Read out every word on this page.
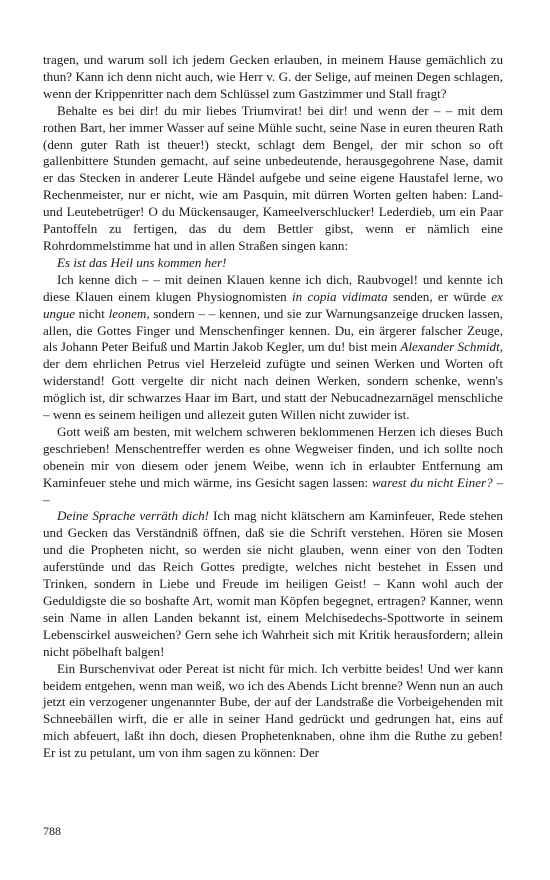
tragen, und warum soll ich jedem Gecken erlauben, in meinem Hause gemächlich zu thun? Kann ich denn nicht auch, wie Herr v. G. der Selige, auf meinen Degen schlagen, wenn der Krippenritter nach dem Schlüssel zum Gastzimmer und Stall fragt?

Behalte es bei dir! du mir liebes Triumvirat! bei dir! und wenn der – – mit dem rothen Bart, her immer Wasser auf seine Mühle sucht, seine Nase in euren theuren Rath (denn guter Rath ist theuer!) steckt, schlagt dem Bengel, der mir schon so oft gallenbittere Stunden gemacht, auf seine unbedeutende, herausgegohrene Nase, damit er das Stecken in anderer Leute Händel aufgebe und seine eigene Haustafel lerne, wo Rechenmeister, nur er nicht, wie am Pasquin, mit dürren Worten gelten haben: Land- und Leutebetrüger! O du Mückensauger, Kameelverschlucker! Lederdieb, um ein Paar Pantoffeln zu fertigen, das du dem Bettler gibst, wenn er nämlich eine Rohrdommelstimme hat und in allen Straßen singen kann:

Es ist das Heil uns kommen her!

Ich kenne dich – – mit deinen Klauen kenne ich dich, Raubvogel! und kennte ich diese Klauen einem klugen Physiognomisten in copia vidimata senden, er würde ex ungue nicht leonem, sondern – – kennen, und sie zur Warnungsanzeige drucken lassen, allen, die Gottes Finger und Menschenfinger kennen. Du, ein ärgerer falscher Zeuge, als Johann Peter Beifuß und Martin Jakob Kegler, um du! bist mein Alexander Schmidt, der dem ehrlichen Petrus viel Herzeleid zufügte und seinen Werken und Worten oft widerstand! Gott vergelte dir nicht nach deinen Werken, sondern schenke, wenn's möglich ist, dir schwarzes Haar im Bart, und statt der Nebucadnezarnägel menschliche – wenn es seinem heiligen und allezeit guten Willen nicht zuwider ist.

Gott weiß am besten, mit welchem schweren beklommenen Herzen ich dieses Buch geschrieben! Menschentreffer werden es ohne Wegweiser finden, und ich sollte noch obenein mir von diesem oder jenem Weibe, wenn ich in erlaubter Entfernung am Kaminfeuer stehe und mich wärme, ins Gesicht sagen lassen: warest du nicht Einer? – –

Deine Sprache verräth dich! Ich mag nicht klätschern am Kaminfeuer, Rede stehen und Gecken das Verständniß öffnen, daß sie die Schrift verstehen. Hören sie Mosen und die Propheten nicht, so werden sie nicht glauben, wenn einer von den Todten auferstünde und das Reich Gottes predigte, welches nicht bestehet in Essen und Trinken, sondern in Liebe und Freude im heiligen Geist! – Kann wohl auch der Geduldigste die so boshafte Art, womit man Köpfen begegnet, ertragen? Kanner, wenn sein Name in allen Landen bekannt ist, einem Melchisedechs-Spottworte in seinem Lebenscirkel ausweichen? Gern sehe ich Wahrheit sich mit Kritik herausfordern; allein nicht pöbelhaft balgen!

Ein Burschenvivat oder Pereat ist nicht für mich. Ich verbitte beides! Und wer kann beidem entgehen, wenn man weiß, wo ich des Abends Licht brenne? Wenn nun an auch jetzt ein verzogener ungenannter Bube, der auf der Landstraße die Vorbeigehenden mit Schneebällen wirft, die er alle in seiner Hand gedrückt und gedrungen hat, eins auf mich abfeuert, laßt ihn doch, diesen Prophetenknaben, ohne ihm die Ruthe zu geben! Er ist zu petulant, um von ihm sagen zu können: Der

788
